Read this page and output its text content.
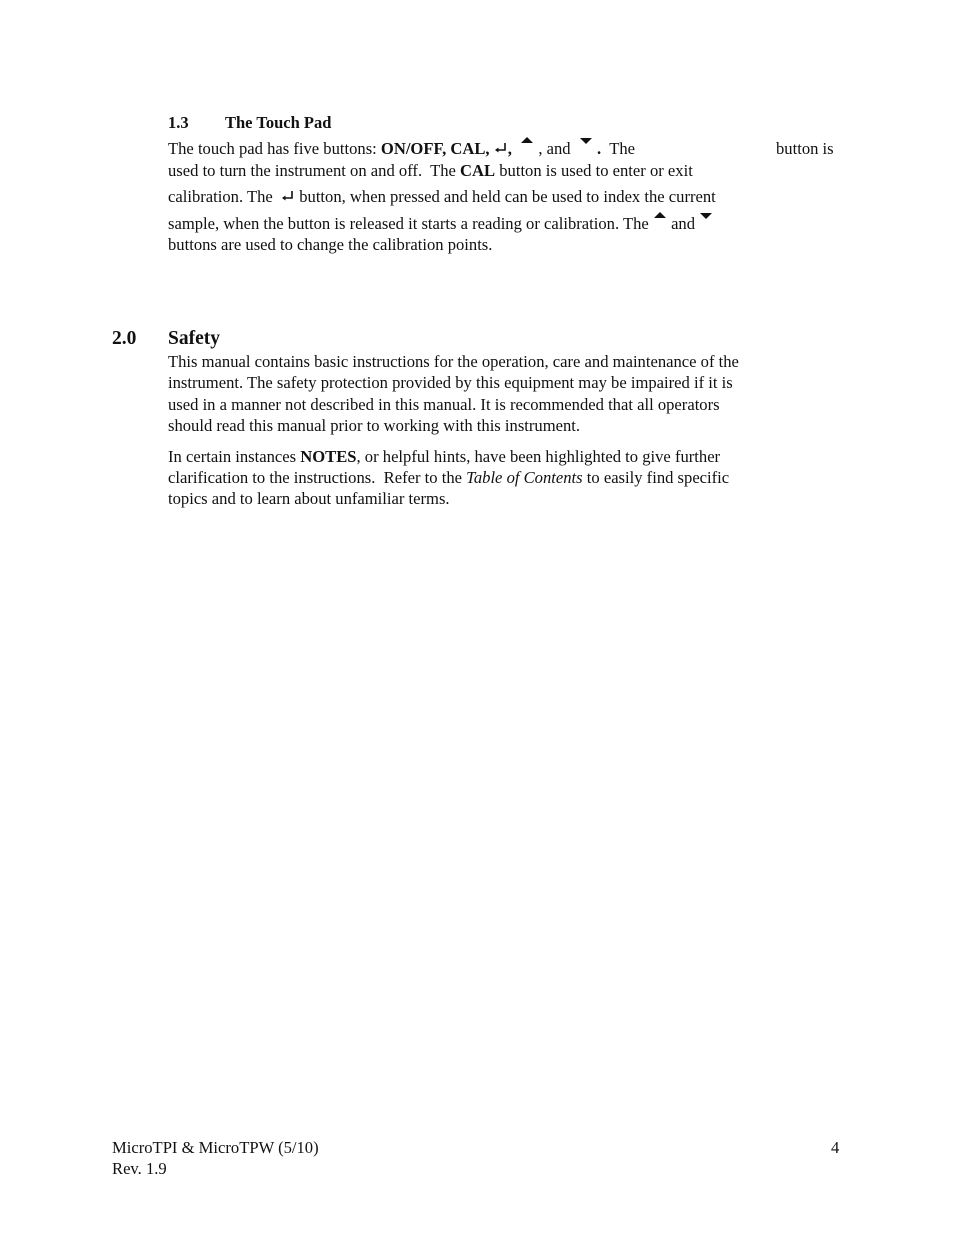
1.3 The Touch Pad
The touch pad has five buttons: ON/OFF, CAL, ,   , and   .  The	button is
used to turn the instrument on and off.  The CAL button is used to enter or exit
calibration. The   button, when pressed and held can be used to index the current
sample, when the button is released it starts a reading or calibration. The  and
buttons are used to change the calibration points.
2.0 Safety
This manual contains basic instructions for the operation, care and maintenance of the
instrument. The safety protection provided by this equipment may be impaired if it is
used in a manner not described in this manual. It is recommended that all operators
should read this manual prior to working with this instrument.
In certain instances NOTES, or helpful hints, have been highlighted to give further
clarification to the instructions.  Refer to the Table of Contents to easily find specific
topics and to learn about unfamiliar terms.
MicroTPI & MicroTPW (5/10)
Rev. 1.9
4
